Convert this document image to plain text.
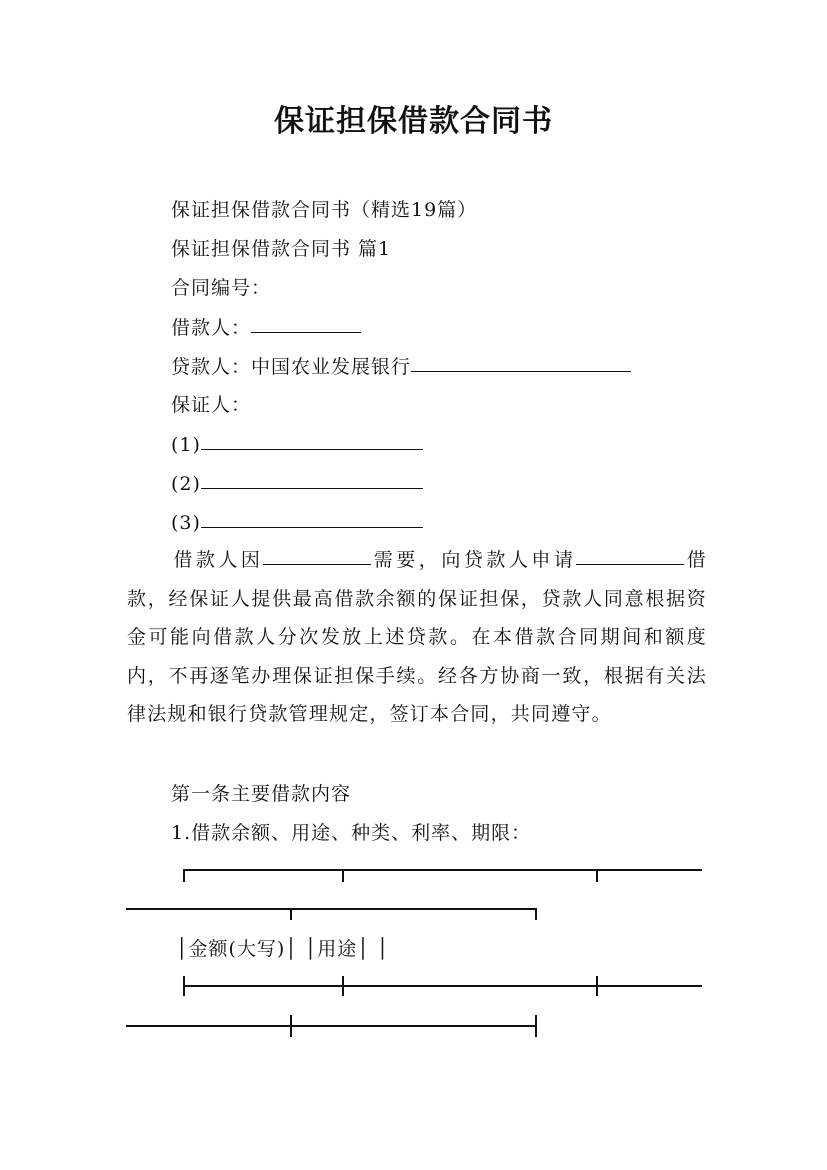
保证担保借款合同书
保证担保借款合同书（精选19篇）
保证担保借款合同书 篇1
合同编号：
借款人：
贷款人：中国农业发展银行
保证人：
(1)
(2)
(3)
借款人因	需要，向贷款人申请	借款，经保证人提供最高借款余额的保证担保，贷款人同意根据资金可能向借款人分次发放上述贷款。在本借款合同期间和额度内，不再逐笔办理保证担保手续。经各方协商一致，根据有关法律法规和银行贷款管理规定，签订本合同，共同遵守。
第一条主要借款内容
1.借款余额、用途、种类、利率、期限：
│金额(大写)│ │用途│ │
